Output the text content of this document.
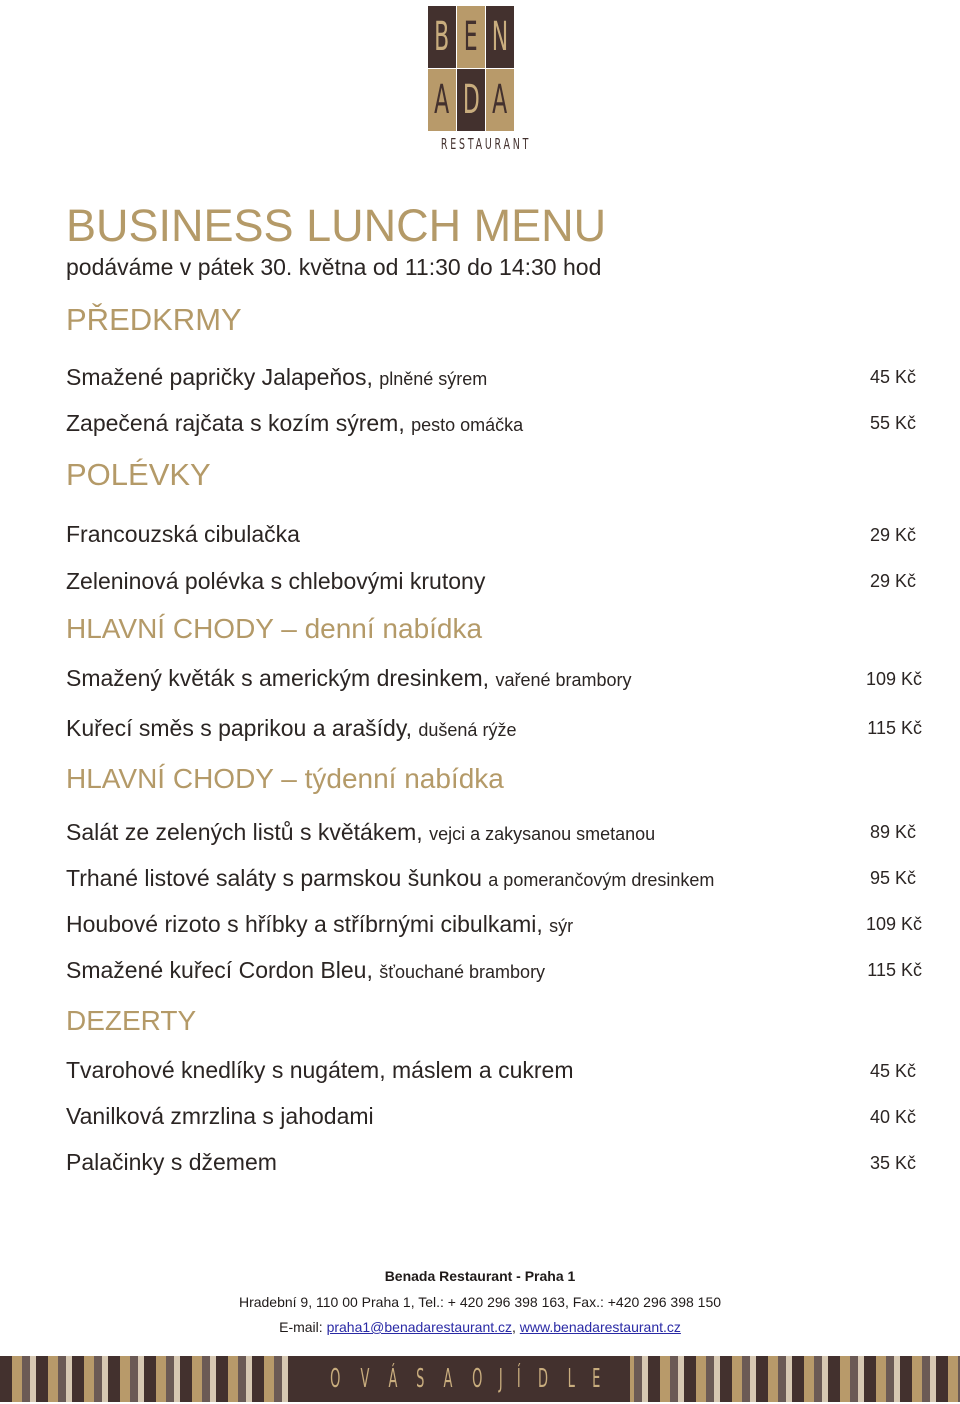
B E N
A D A
RESTAURANT
BUSINESS LUNCH MENU
podáváme v pátek 30. května od 11:30 do 14:30 hod
PŘEDKRMY
Smažené papričky Jalapeňos, plněné sýrem	45 Kč
Zapečená rajčata s kozím sýrem, pesto omáčka	55 Kč
POLÉVKY
Francouzská cibulačka	29 Kč
Zeleninová polévka s chlebovými krutony	29 Kč
HLAVNÍ CHODY – denní nabídka
Smažený květák s americkým dresinkem, vařené brambory	109 Kč
Kuřecí směs s paprikou a arašídy, dušená rýže	115 Kč
HLAVNÍ CHODY – týdenní nabídka
Salát ze zelených listů s květákem, vejci a zakysanou smetanou	89 Kč
Trhané listové saláty s parmskou šunkou a pomerančovým dresinkem	95 Kč
Houbové rizoto s hříbky a stříbrnými cibulkami, sýr	109 Kč
Smažené kuřecí Cordon Bleu, šťouchané brambory	115 Kč
DEZERTY
Tvarohové knedlíky s nugátem, máslem a cukrem	45 Kč
Vanilková zmrzlina s jahodami	40 Kč
Palačinky s džemem	35 Kč
Benada Restaurant - Praha 1
Hradební 9, 110 00 Praha 1, Tel.: + 420 296 398 163, Fax.: +420 296 398 150
E-mail: praha1@benadarestaurant.cz, www.benadarestaurant.cz
O V Á S A O J Í D L E
